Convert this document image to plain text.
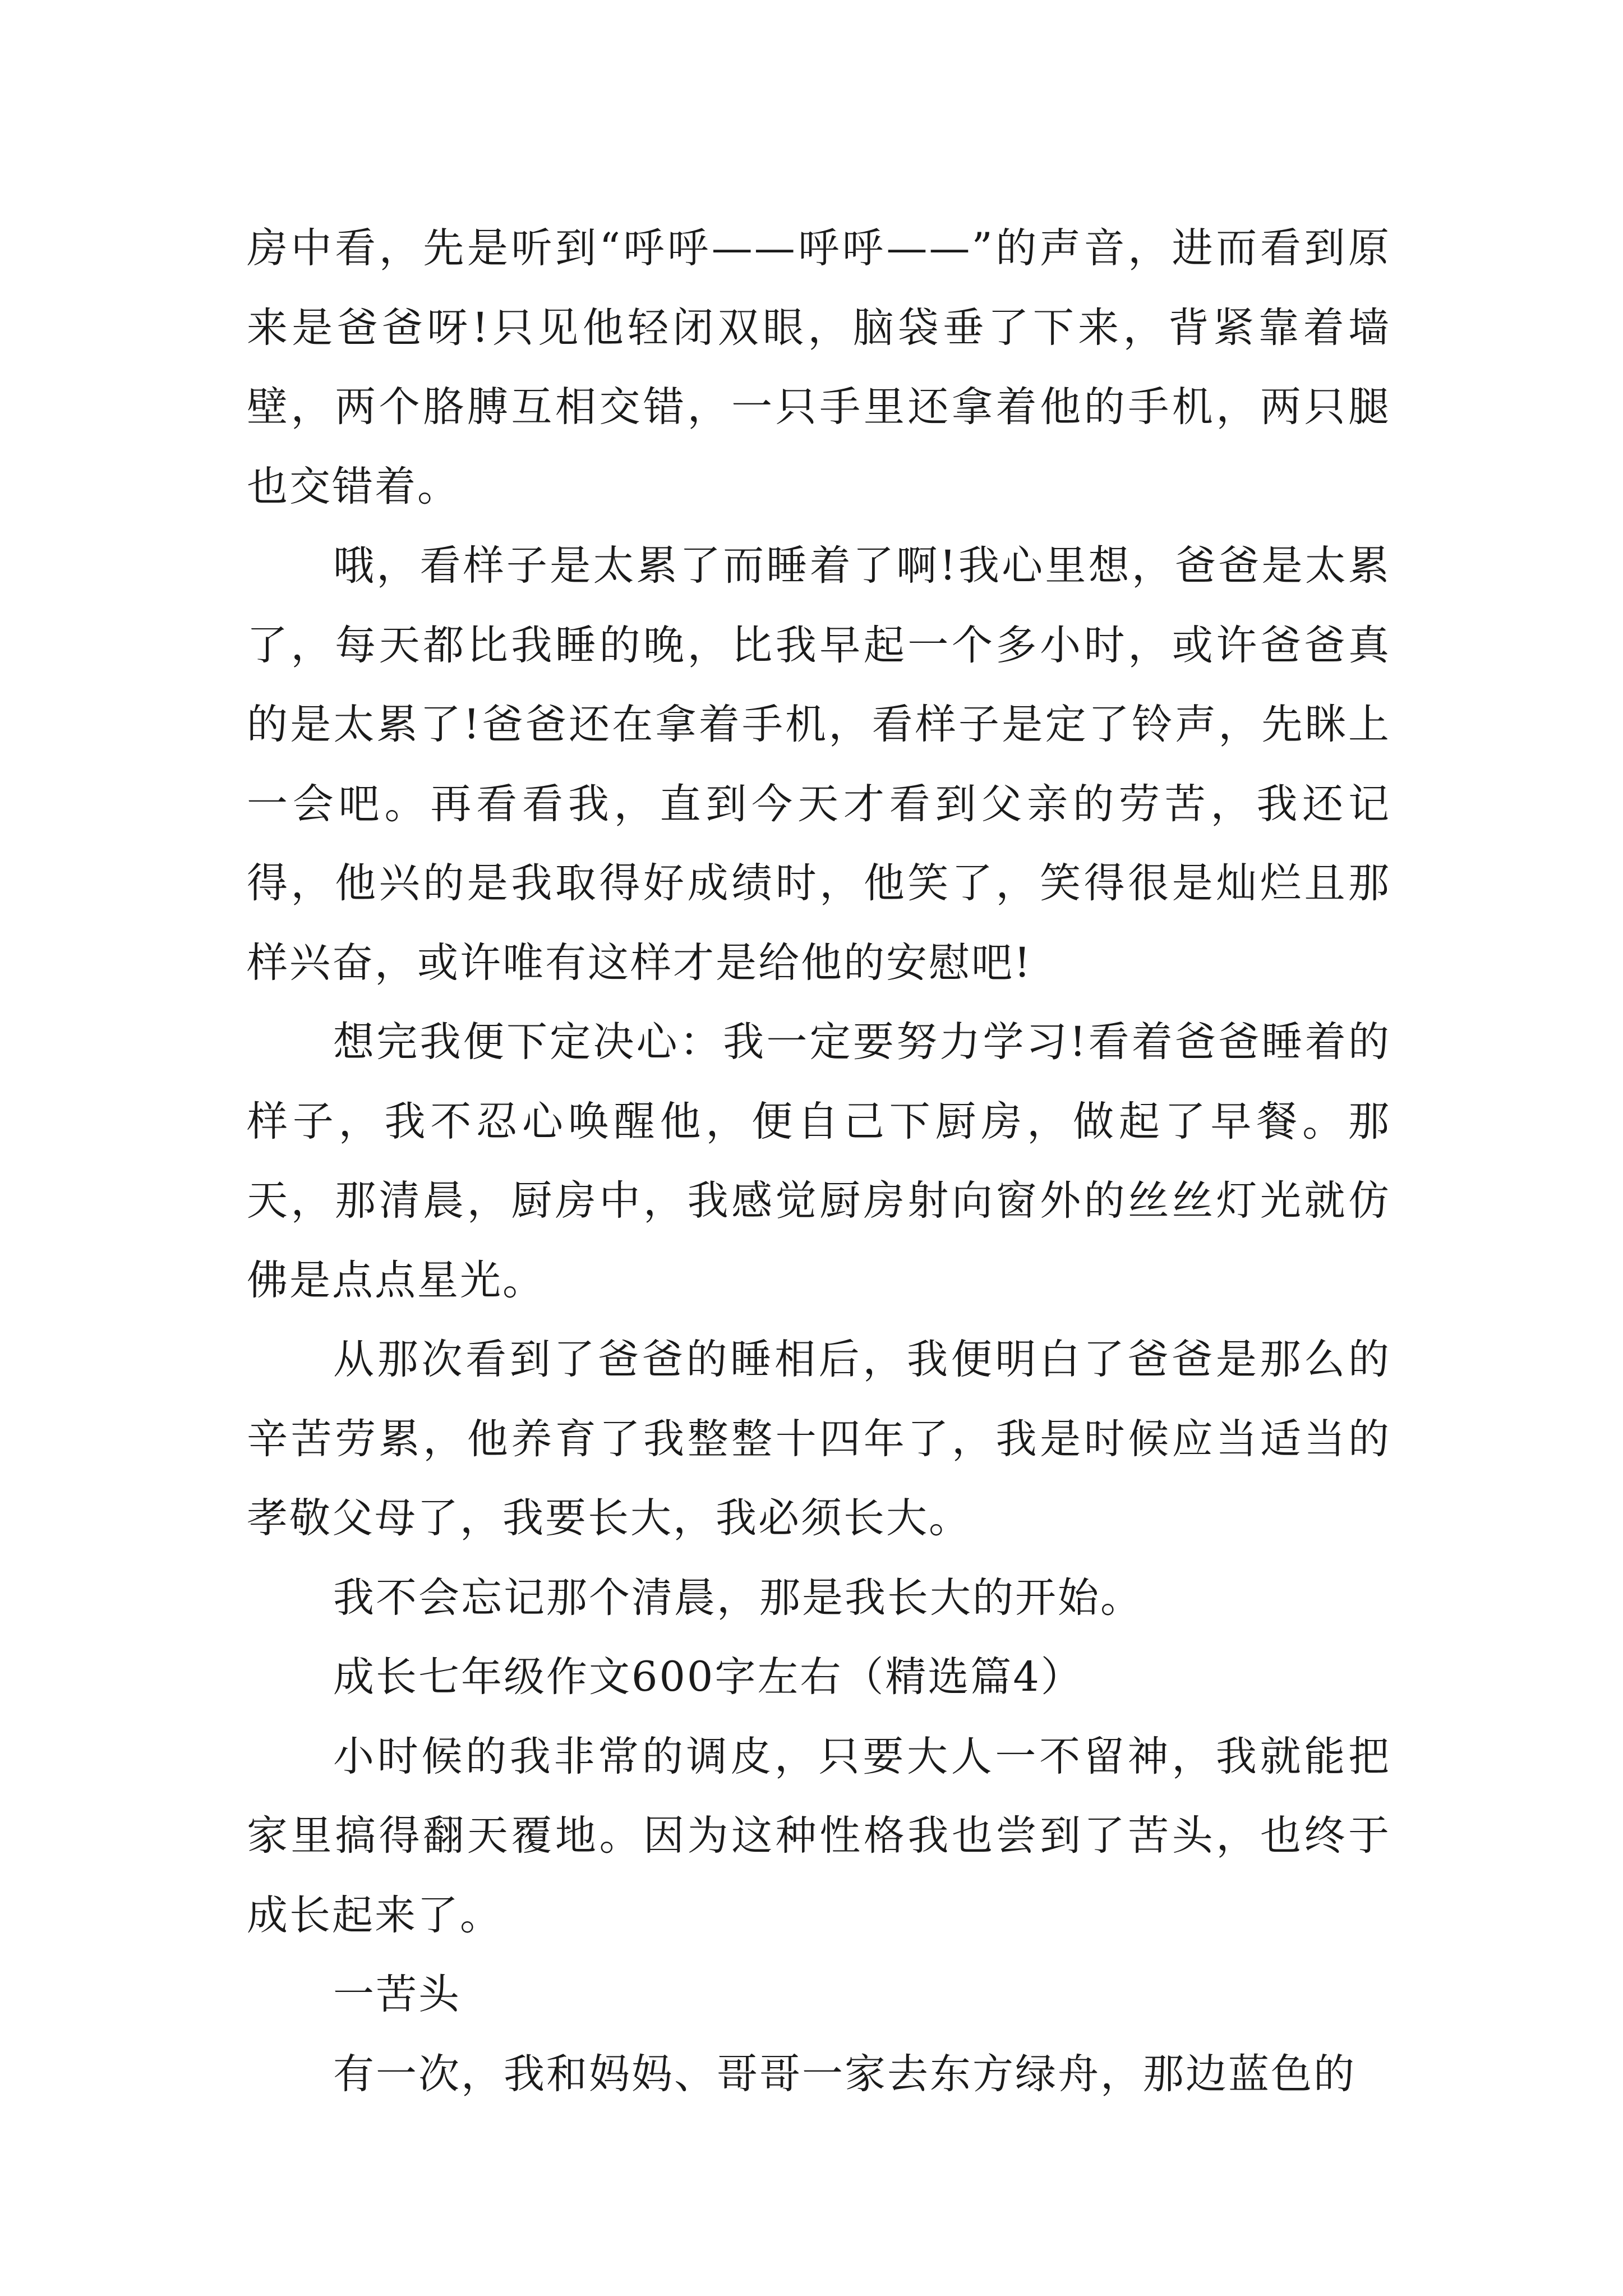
房中看，先是听到“呼呼——呼呼——”的声音，进而看到原来是爸爸呀!只见他轻闭双眼，脑袋垂了下来，背紧靠着墙壁，两个胳膊互相交错，一只手里还拿着他的手机，两只腿也交错着。

哦，看样子是太累了而睡着了啊!我心里想，爸爸是太累了，每天都比我睡的晚，比我早起一个多小时，或许爸爸真的是太累了!爸爸还在拿着手机，看样子是定了铃声，先眯上一会吧。再看看我，直到今天才看到父亲的劳苦，我还记得，他兴的是我取得好成绩时，他笑了，笑得很是灿烂且那样兴奋，或许唯有这样才是给他的安慰吧!

想完我便下定决心：我一定要努力学习!看着爸爸睡着的样子，我不忍心唤醒他，便自己下厨房，做起了早餐。那天，那清晨，厨房中，我感觉厨房射向窗外的丝丝灯光就仿佛是点点星光。

从那次看到了爸爸的睡相后，我便明白了爸爸是那么的辛苦劳累，他养育了我整整十四年了，我是时候应当适当的孝敬父母了，我要长大，我必须长大。

我不会忘记那个清晨，那是我长大的开始。

成长七年级作文600字左右（精选篇4）

小时候的我非常的调皮，只要大人一不留神，我就能把家里搞得翻天覆地。因为这种性格我也尝到了苦头，也终于成长起来了。

一苦头

有一次，我和妈妈、哥哥一家去东方绿舟，那边蓝色的
